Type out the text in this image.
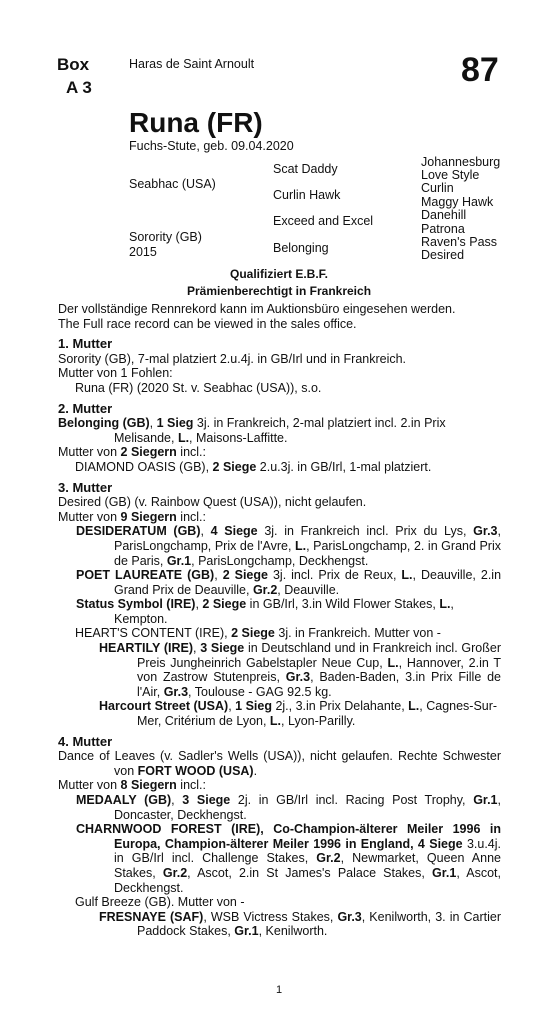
Box
A 3
Haras de Saint Arnoult	87
Runa (FR)
Fuchs-Stute, geb. 09.04.2020
Seabhac (USA)
Sorority (GB)
2015
Scat Daddy
Curlin Hawk
Exceed and Excel
Belonging
Johannesburg
Love Style
Curlin
Maggy Hawk
Danehill
Patrona
Raven's Pass
Desired
Qualifiziert E.B.F.
Prämienberechtigt in Frankreich

Der vollständige Rennrekord kann im Auktionsbüro eingesehen werden.

The Full race record can be viewed in the sales office.

1. Mutter

Sorority (GB), 7-mal platziert 2.u.4j. in GB/Irl und in Frankreich.

Mutter von 1 Fohlen:

Runa (FR) (2020 St. v. Seabhac (USA)), s.o.

2. Mutter

Belonging (GB), 1 Sieg 3j. in Frankreich, 2-mal platziert incl. 2.in Prix Melisande, L., Maisons-Laffitte.

Mutter von 2 Siegern incl.:

DIAMOND OASIS (GB), 2 Siege 2.u.3j. in GB/Irl, 1-mal platziert.

3. Mutter

Desired (GB) (v. Rainbow Quest (USA)), nicht gelaufen.

Mutter von 9 Siegern incl.:

DESIDERATUM (GB), 4 Siege 3j. in Frankreich incl. Prix du Lys, Gr.3, ParisLongchamp, Prix de l'Avre, L., ParisLongchamp, 2. in Grand Prix de Paris, Gr.1, ParisLongchamp, Deckhengst.

POET LAUREATE (GB), 2 Siege 3j. incl. Prix de Reux, L., Deauville, 2.in Grand Prix de Deauville, Gr.2, Deauville.

Status Symbol (IRE), 2 Siege in GB/Irl, 3.in Wild Flower Stakes, L., Kempton.

HEART'S CONTENT (IRE), 2 Siege 3j. in Frankreich. Mutter von -

HEARTILY (IRE), 3 Siege in Deutschland und in Frankreich incl. Großer Preis Jungheinrich Gabelstapler Neue Cup, L., Hannover, 2.in T von Zastrow Stutenpreis, Gr.3, Baden-Baden, 3.in Prix Fille de l'Air, Gr.3, Toulouse - GAG 92.5 kg.

Harcourt Street (USA), 1 Sieg 2j., 3.in Prix Delahante, L., Cagnes-Sur-Mer, Critérium de Lyon, L., Lyon-Parilly.

4. Mutter

Dance of Leaves (v. Sadler's Wells (USA)), nicht gelaufen. Rechte Schwester von FORT WOOD (USA).

Mutter von 8 Siegern incl.:

MEDAALY (GB), 3 Siege 2j. in GB/Irl incl. Racing Post Trophy, Gr.1, Doncaster, Deckhengst.

CHARNWOOD FOREST (IRE), Co-Champion-älterer Meiler 1996 in Europa, Champion-älterer Meiler 1996 in England, 4 Siege 3.u.4j. in GB/Irl incl. Challenge Stakes, Gr.2, Newmarket, Queen Anne Stakes, Gr.2, Ascot, 2.in St James's Palace Stakes, Gr.1, Ascot, Deckhengst.

Gulf Breeze (GB). Mutter von -

FRESNAYE (SAF), WSB Victress Stakes, Gr.3, Kenilworth, 3. in Cartier Paddock Stakes, Gr.1, Kenilworth.

1
